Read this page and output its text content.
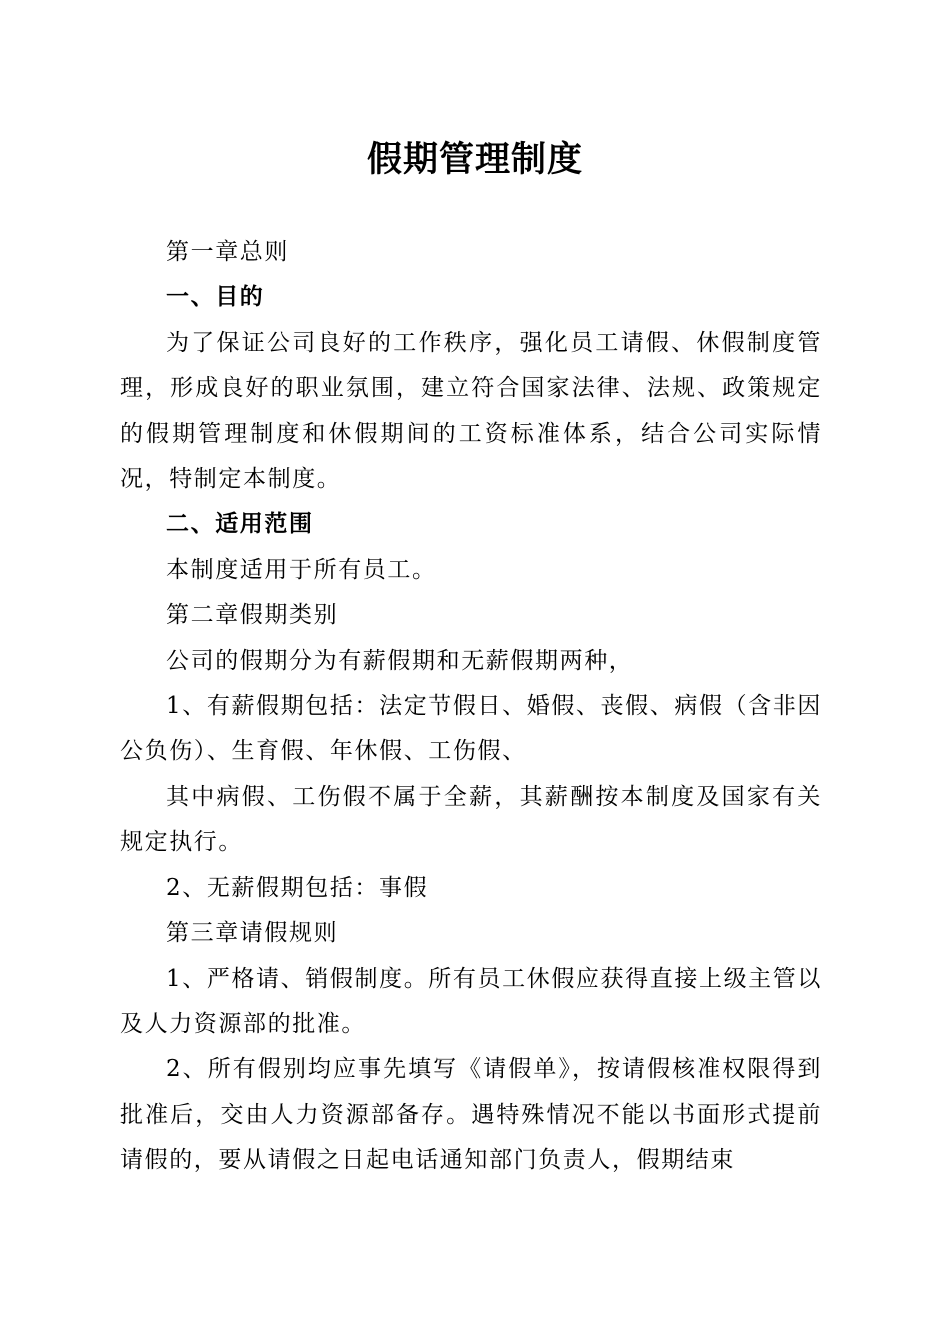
假期管理制度

第一章总则

一、目的

为了保证公司良好的工作秩序，强化员工请假、休假制度管理，形成良好的职业氛围，建立符合国家法律、法规、政策规定的假期管理制度和休假期间的工资标准体系，结合公司实际情况，特制定本制度。

二、适用范围

本制度适用于所有员工。

第二章假期类别

公司的假期分为有薪假期和无薪假期两种，

1、有薪假期包括：法定节假日、婚假、丧假、病假（含非因公负伤）、生育假、年休假、工伤假、

其中病假、工伤假不属于全薪，其薪酬按本制度及国家有关规定执行。

2、无薪假期包括：事假

第三章请假规则

1、严格请、销假制度。所有员工休假应获得直接上级主管以及人力资源部的批准。

2、所有假别均应事先填写《请假单》，按请假核准权限得到批准后，交由人力资源部备存。遇特殊情况不能以书面形式提前请假的，要从请假之日起电话通知部门负责人，假期结束
